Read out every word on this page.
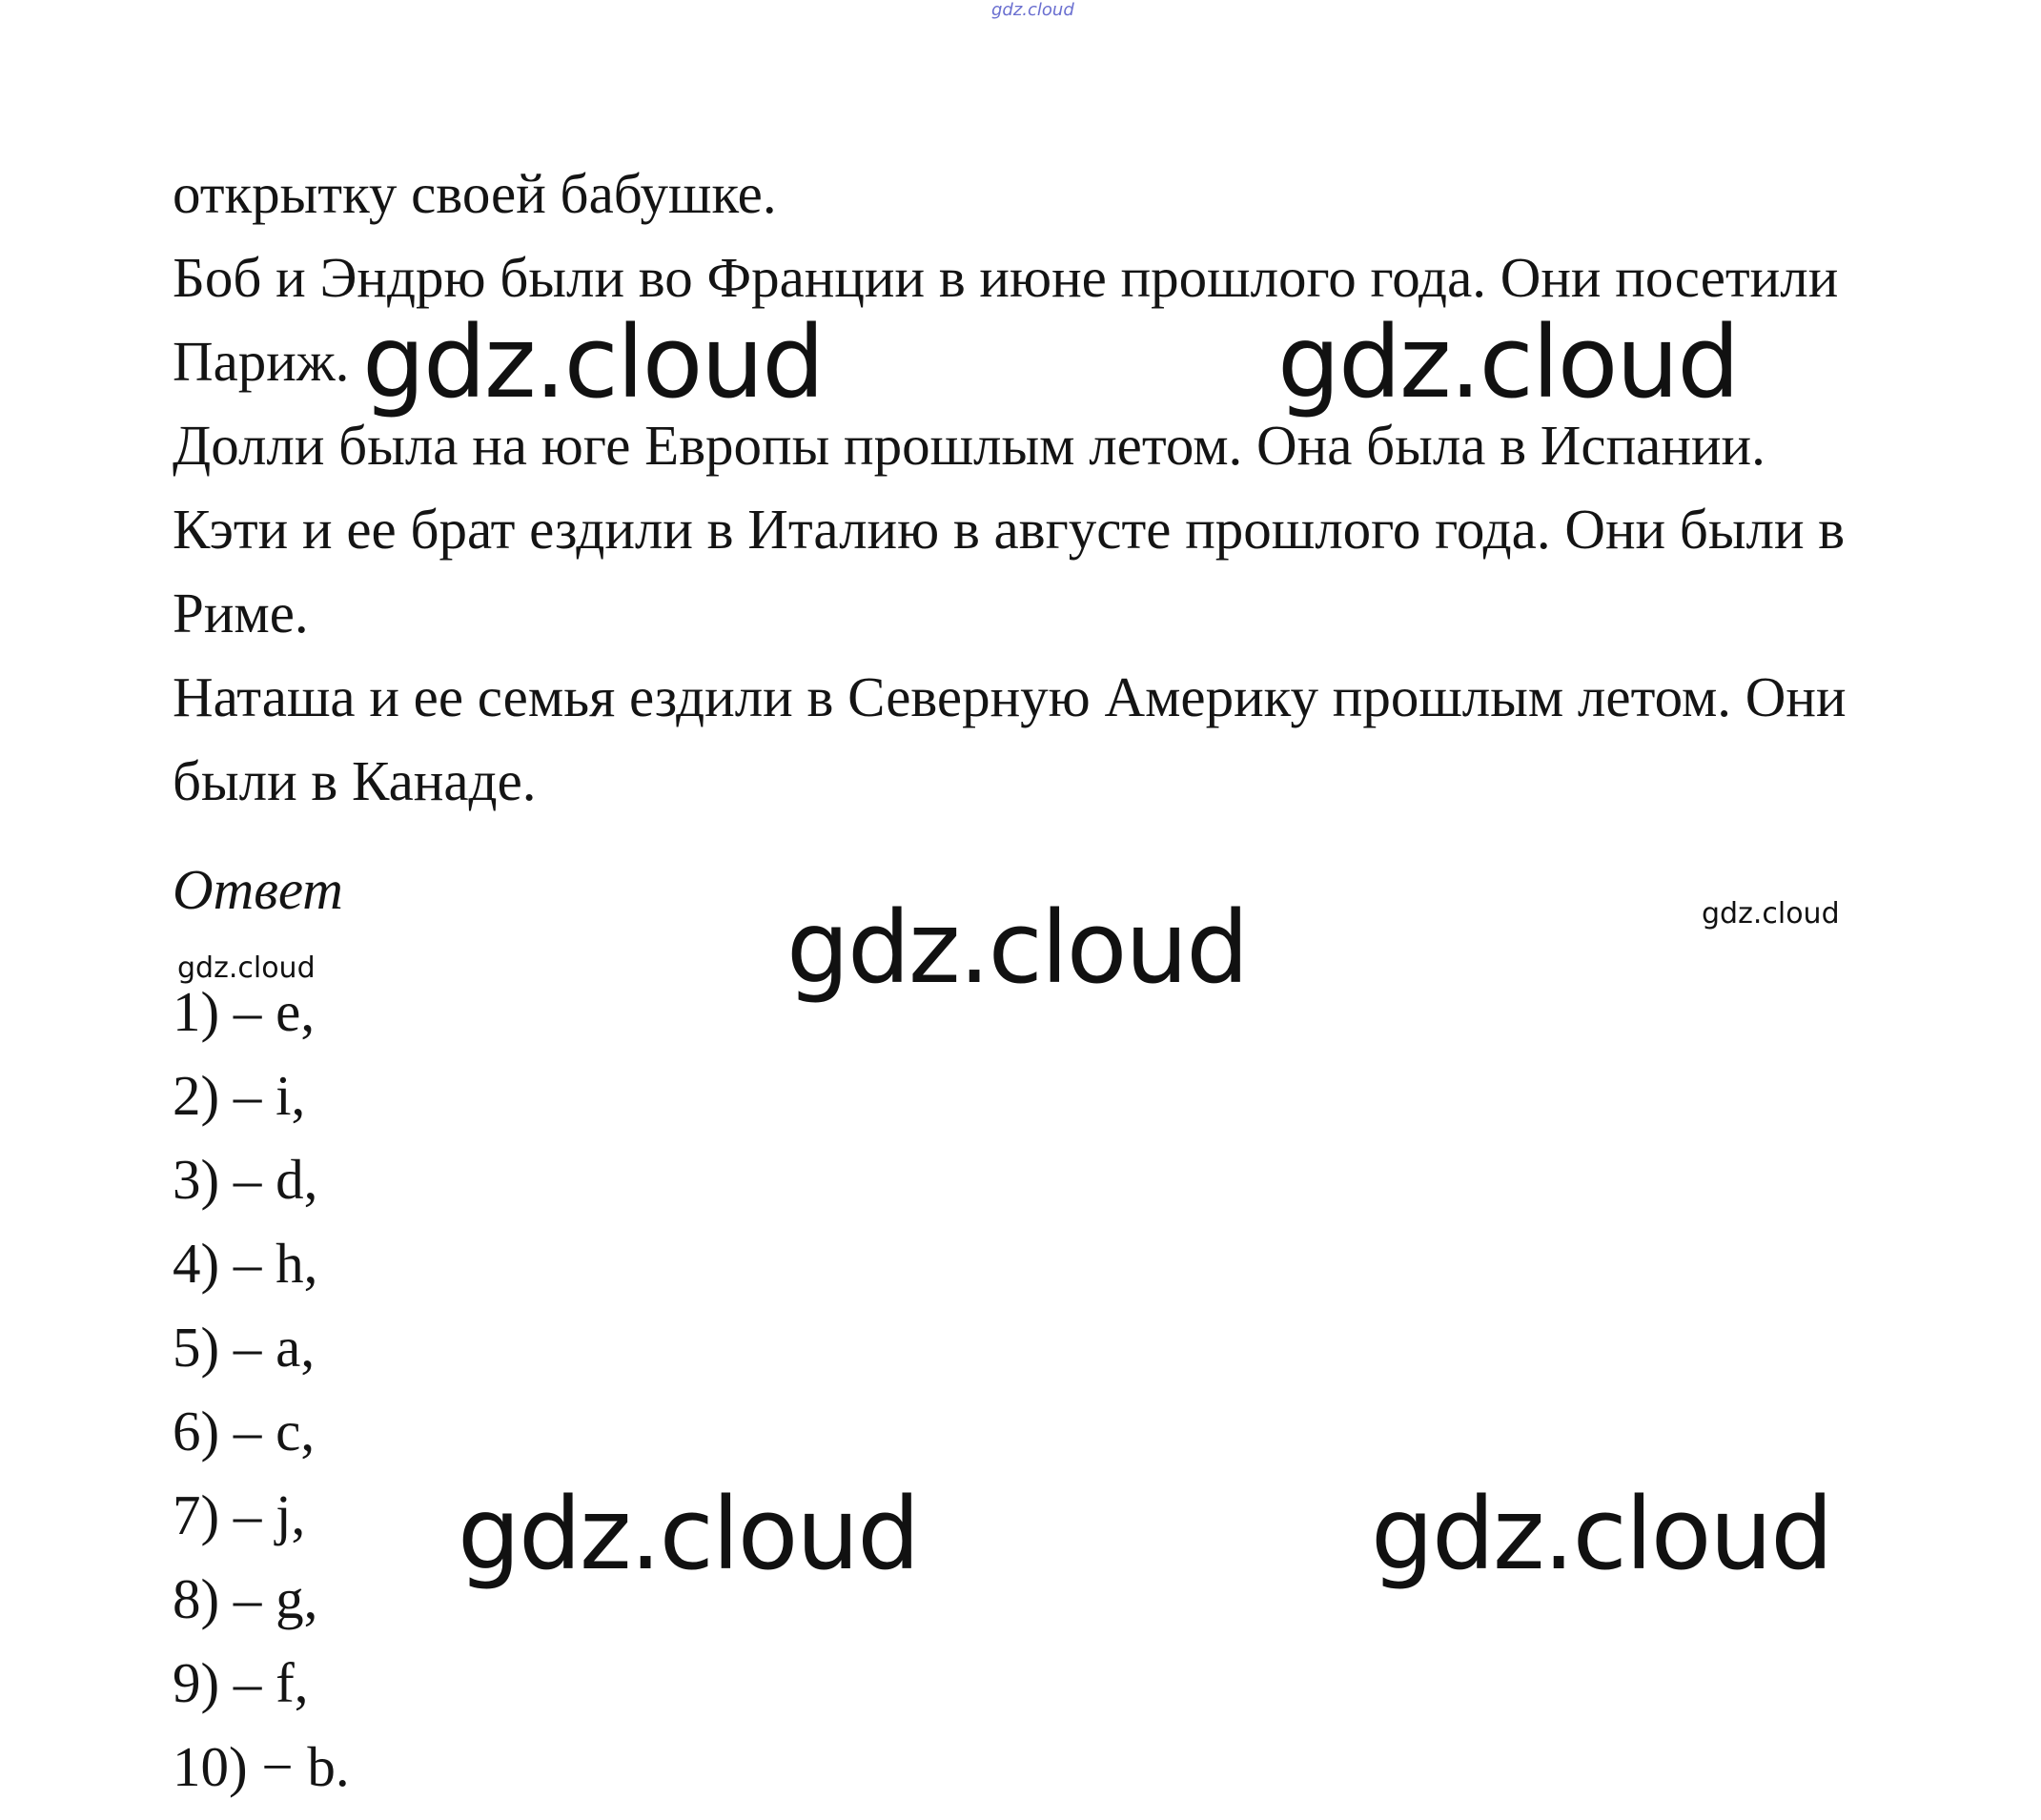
gdz.cloud
открытку своей бабушке.
Боб и Эндрю были во Франции в июне прошлого года. Они посетили
Париж.
Долли была на юге Европы прошлым летом. Она была в Испании.
Кэти и ее брат ездили в Италию в августе прошлого года. Они были в
Риме.
Наташа и ее семья ездили в Северную Америку прошлым летом. Они
были в Канаде.
Ответ
1) – e,
2) – i,
3) – d,
4) – h,
5) – a,
6) – c,
7) – j,
8) – g,
9) – f,
10) − b.
gdz.cloud	gdz.cloud
gdz.cloud
gdz.cloud	gdz.cloud
gdz.cloud
gdz.cloud
